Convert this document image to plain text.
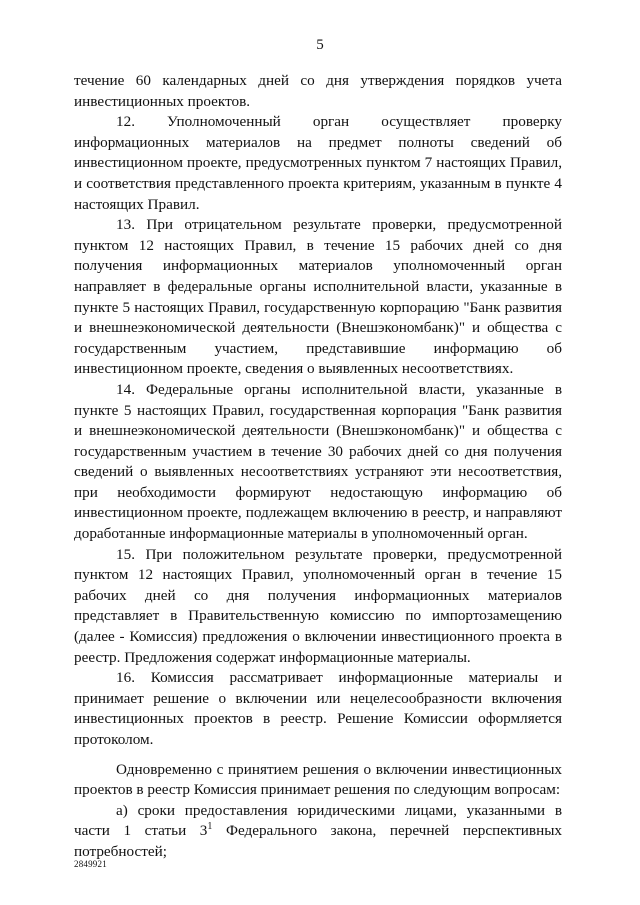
5

течение 60 календарных дней со дня утверждения порядков учета инвестиционных проектов.

12. Уполномоченный орган осуществляет проверку информационных материалов на предмет полноты сведений об инвестиционном проекте, предусмотренных пунктом 7 настоящих Правил, и соответствия представленного проекта критериям, указанным в пункте 4 настоящих Правил.

13. При отрицательном результате проверки, предусмотренной пунктом 12 настоящих Правил, в течение 15 рабочих дней со дня получения информационных материалов уполномоченный орган направляет в федеральные органы исполнительной власти, указанные в пункте 5 настоящих Правил, государственную корпорацию "Банк развития и внешнеэкономической деятельности (Внешэкономбанк)" и общества с государственным участием, представившие информацию об инвестиционном проекте, сведения о выявленных несоответствиях.

14. Федеральные органы исполнительной власти, указанные в пункте 5 настоящих Правил, государственная корпорация "Банк развития и внешнеэкономической деятельности (Внешэкономбанк)" и общества с государственным участием в течение 30 рабочих дней со дня получения сведений о выявленных несоответствиях устраняют эти несоответствия, при необходимости формируют недостающую информацию об инвестиционном проекте, подлежащем включению в реестр, и направляют доработанные информационные материалы в уполномоченный орган.

15. При положительном результате проверки, предусмотренной пунктом 12 настоящих Правил, уполномоченный орган в течение 15 рабочих дней со дня получения информационных материалов представляет в Правительственную комиссию по импортозамещению (далее - Комиссия) предложения о включении инвестиционного проекта в реестр. Предложения содержат информационные материалы.

16. Комиссия рассматривает информационные материалы и принимает решение о включении или нецелесообразности включения инвестиционных проектов в реестр. Решение Комиссии оформляется протоколом.

Одновременно с принятием решения о включении инвестиционных проектов в реестр Комиссия принимает решения по следующим вопросам:

а) сроки предоставления юридическими лицами, указанными в части 1 статьи $3^1$ Федерального закона, перечней перспективных потребностей;

2849921
